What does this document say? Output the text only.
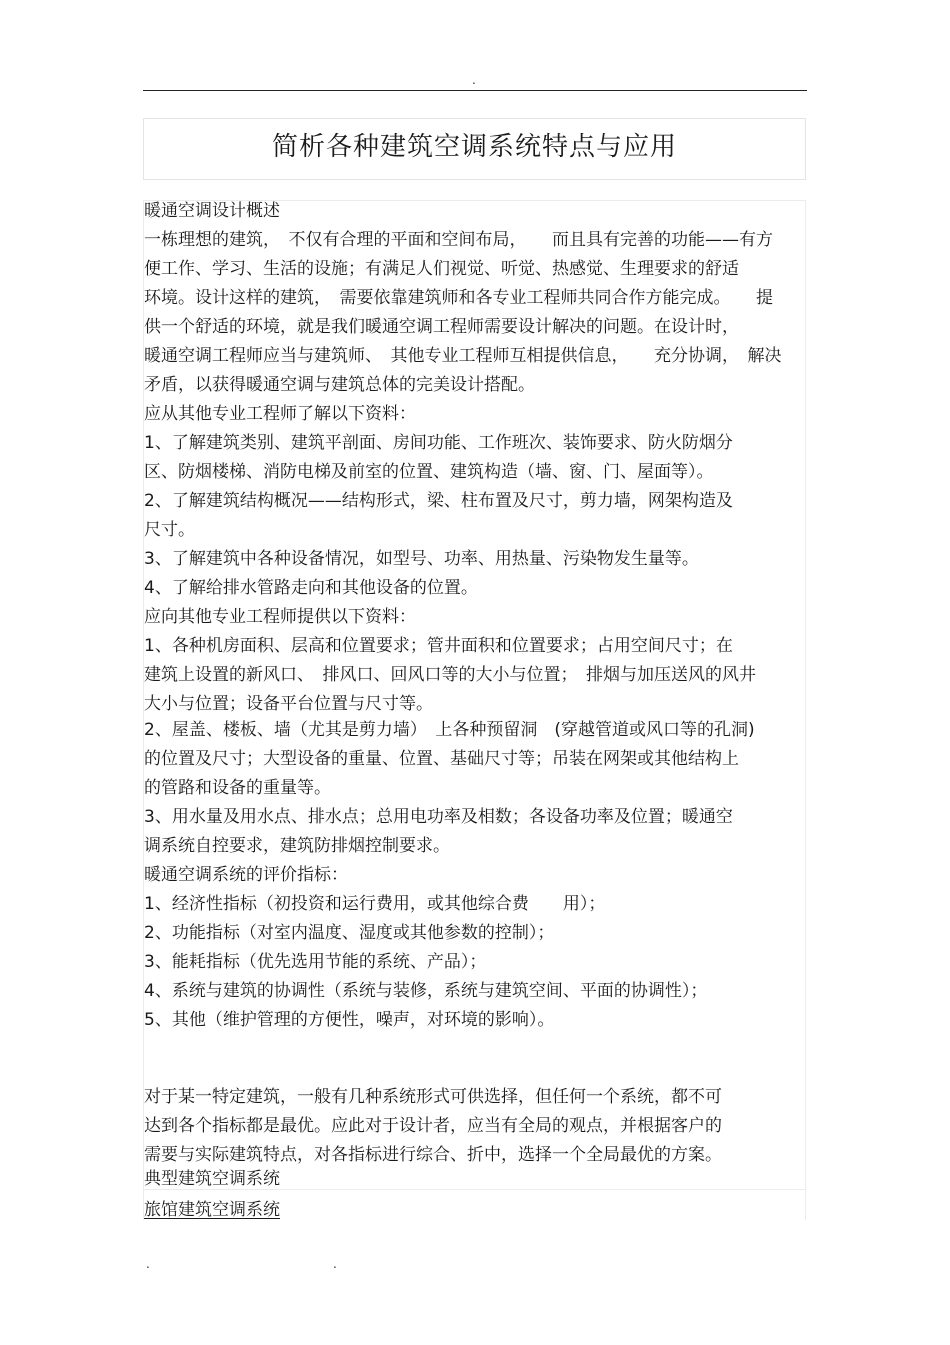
.
简析各种建筑空调系统特点与应用
暖通空调设计概述
一栋理想的建筑，　不仅有合理的平面和空间布局，　　而且具有完善的功能——有方
便工作、学习、生活的设施；有满足人们视觉、听觉、热感觉、生理要求的舒适
环境。设计这样的建筑，　需要依靠建筑师和各专业工程师共同合作方能完成。　　提
供一个舒适的环境，就是我们暖通空调工程师需要设计解决的问题。在设计时，
暖通空调工程师应当与建筑师、　其他专业工程师互相提供信息，　　充分协调，　解决
矛盾，以获得暖通空调与建筑总体的完美设计搭配。
应从其他专业工程师了解以下资料：
1、了解建筑类别、建筑平剖面、房间功能、工作班次、装饰要求、防火防烟分
区、防烟楼梯、消防电梯及前室的位置、建筑构造（墙、窗、门、屋面等）。
2、了解建筑结构概况——结构形式，梁、柱布置及尺寸，剪力墙，网架构造及
尺寸。
3、了解建筑中各种设备情况，如型号、功率、用热量、污染物发生量等。
4、了解给排水管路走向和其他设备的位置。
应向其他专业工程师提供以下资料：
1、各种机房面积、层高和位置要求；管井面积和位置要求；占用空间尺寸；在
建筑上设置的新风口、　排风口、回风口等的大小与位置；　排烟与加压送风的风井
大小与位置；设备平台位置与尺寸等。
2、屋盖、楼板、墙（尤其是剪力墙）　上各种预留洞　(穿越管道或风口等的孔洞)
的位置及尺寸；大型设备的重量、位置、基础尺寸等；吊装在网架或其他结构上
的管路和设备的重量等。
3、用水量及用水点、排水点；总用电功率及相数；各设备功率及位置；暖通空
调系统自控要求，建筑防排烟控制要求。
暖通空调系统的评价指标：
1、经济性指标（初投资和运行费用，或其他综合费　　用）；
2、功能指标（对室内温度、湿度或其他参数的控制）；
3、能耗指标（优先选用节能的系统、产品）；
4、系统与建筑的协调性（系统与装修，系统与建筑空间、平面的协调性）；
5、其他（维护管理的方便性，噪声，对环境的影响）。
对于某一特定建筑，一般有几种系统形式可供选择，但任何一个系统，都不可
达到各个指标都是最优。应此对于设计者，应当有全局的观点，并根据客户的
需要与实际建筑特点，对各指标进行综合、折中，选择一个全局最优的方案。
典型建筑空调系统
旅馆建筑空调系统
.	.
